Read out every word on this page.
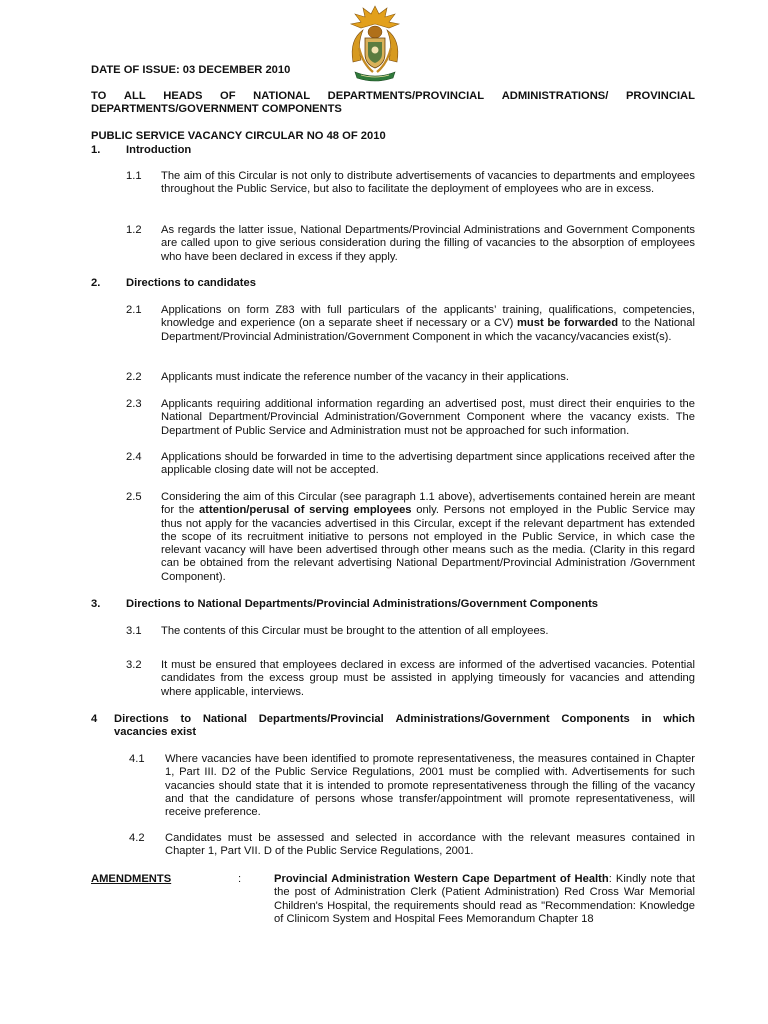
DATE OF ISSUE: 03 DECEMBER 2010
TO ALL HEADS OF NATIONAL DEPARTMENTS/PROVINCIAL ADMINISTRATIONS/ PROVINCIAL
DEPARTMENTS/GOVERNMENT COMPONENTS
PUBLIC SERVICE VACANCY CIRCULAR NO 48 OF 2010
1. Introduction
1.1 The aim of this Circular is not only to distribute advertisements of vacancies to departments and employees throughout the Public Service, but also to facilitate the deployment of employees who are in excess.
1.2 As regards the latter issue, National Departments/Provincial Administrations and Government Components are called upon to give serious consideration during the filling of vacancies to the absorption of employees who have been declared in excess if they apply.
2. Directions to candidates
2.1 Applications on form Z83 with full particulars of the applicants’ training, qualifications, competencies, knowledge and experience (on a separate sheet if necessary or a CV) must be forwarded to the National Department/Provincial Administration/Government Component in which the vacancy/vacancies exist(s).
2.2 Applicants must indicate the reference number of the vacancy in their applications.
2.3 Applicants requiring additional information regarding an advertised post, must direct their enquiries to the National Department/Provincial Administration/Government Component where the vacancy exists. The Department of Public Service and Administration must not be approached for such information.
2.4 Applications should be forwarded in time to the advertising department since applications received after the applicable closing date will not be accepted.
2.5 Considering the aim of this Circular (see paragraph 1.1 above), advertisements contained herein are meant for the attention/perusal of serving employees only. Persons not employed in the Public Service may thus not apply for the vacancies advertised in this Circular, except if the relevant department has extended the scope of its recruitment initiative to persons not employed in the Public Service, in which case the relevant vacancy will have been advertised through other means such as the media. (Clarity in this regard can be obtained from the relevant advertising National Department/Provincial Administration /Government Component).
3. Directions to National Departments/Provincial Administrations/Government Components
3.1 The contents of this Circular must be brought to the attention of all employees.
3.2 It must be ensured that employees declared in excess are informed of the advertised vacancies. Potential candidates from the excess group must be assisted in applying timeously for vacancies and attending where applicable, interviews.
4 Directions to National Departments/Provincial Administrations/Government Components in which
vacancies exist
4.1 Where vacancies have been identified to promote representativeness, the measures contained in Chapter 1, Part III. D2 of the Public Service Regulations, 2001 must be complied with. Advertisements for such vacancies should state that it is intended to promote representativeness through the filling of the vacancy and that the candidature of persons whose transfer/appointment will promote representativeness, will receive preference.
4.2 Candidates must be assessed and selected in accordance with the relevant measures contained in Chapter 1, Part VII. D of the Public Service Regulations, 2001.
AMENDMENTS	:	Provincial Administration Western Cape Department of Health: Kindly note that the post of Administration Clerk (Patient Administration) Red Cross War Memorial Children's Hospital, the requirements should read as "Recommendation: Knowledge of Clinicom System and Hospital Fees Memorandum Chapter 18
